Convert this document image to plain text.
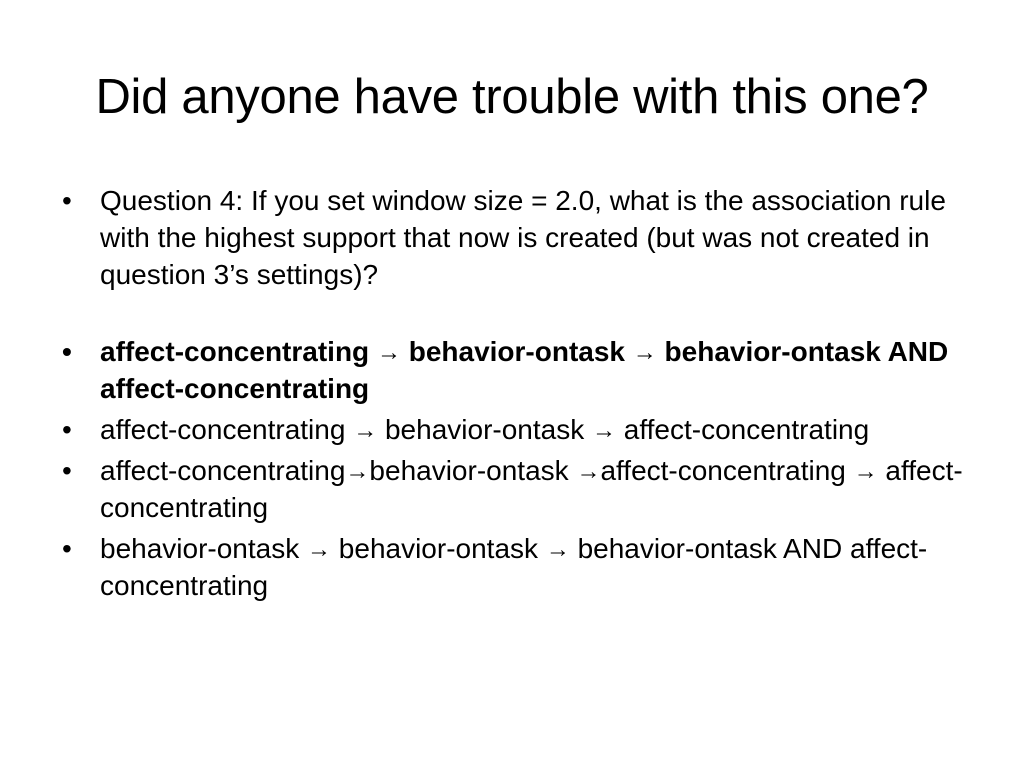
Did anyone have trouble with this one?
• Question 4: If you set window size = 2.0, what is the association rule with the highest support that now is created (but was not created in question 3’s settings)?
• affect-concentrating → behavior-ontask → behavior-ontask AND affect-concentrating
• affect-concentrating → behavior-ontask → affect-concentrating
• affect-concentrating→behavior-ontask →affect-concentrating → affect-concentrating
• behavior-ontask → behavior-ontask → behavior-ontask AND affect-concentrating
